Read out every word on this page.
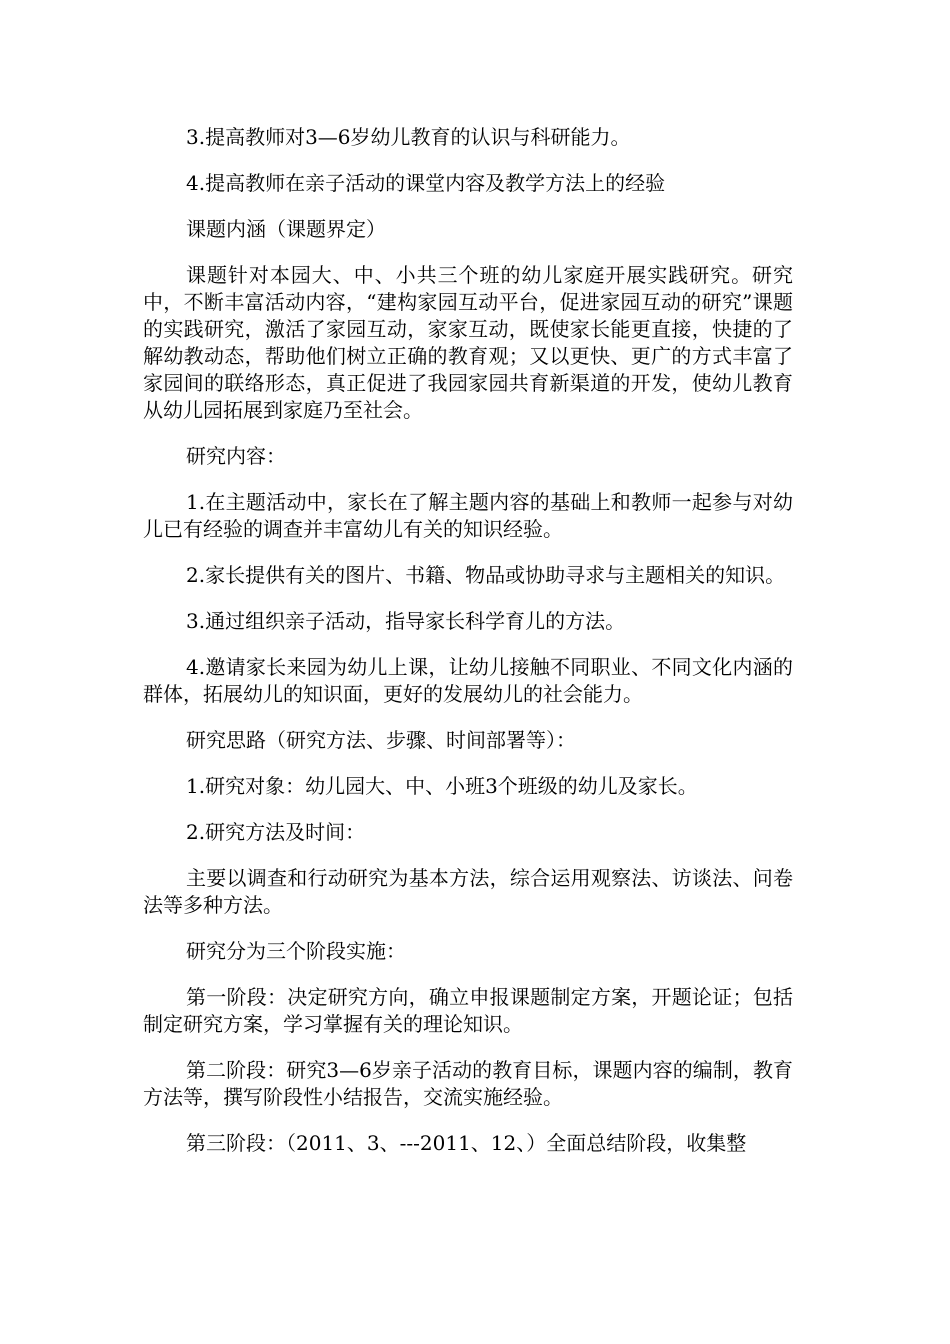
3.提高教师对3—6岁幼儿教育的认识与科研能力。

4.提高教师在亲子活动的课堂内容及教学方法上的经验

课题内涵（课题界定）

课题针对本园大、中、小共三个班的幼儿家庭开展实践研究。研究中，不断丰富活动内容，“建构家园互动平台，促进家园互动的研究”课题的实践研究，激活了家园互动，家家互动，既使家长能更直接，快捷的了解幼教动态，帮助他们树立正确的教育观；又以更快、更广的方式丰富了家园间的联络形态，真正促进了我园家园共育新渠道的开发，使幼儿教育从幼儿园拓展到家庭乃至社会。

研究内容：

1.在主题活动中，家长在了解主题内容的基础上和教师一起参与对幼儿已有经验的调查并丰富幼儿有关的知识经验。

2.家长提供有关的图片、书籍、物品或协助寻求与主题相关的知识。

3.通过组织亲子活动，指导家长科学育儿的方法。

4.邀请家长来园为幼儿上课，让幼儿接触不同职业、不同文化内涵的群体，拓展幼儿的知识面，更好的发展幼儿的社会能力。

研究思路（研究方法、步骤、时间部署等）：

1.研究对象：幼儿园大、中、小班3个班级的幼儿及家长。

2.研究方法及时间：

主要以调查和行动研究为基本方法，综合运用观察法、访谈法、问卷法等多种方法。

研究分为三个阶段实施：

第一阶段：决定研究方向，确立申报课题制定方案，开题论证；包括制定研究方案，学习掌握有关的理论知识。

第二阶段：研究3—6岁亲子活动的教育目标，课题内容的编制，教育方法等，撰写阶段性小结报告，交流实施经验。

第三阶段：（2011、3、---2011、12、）全面总结阶段，收集整
